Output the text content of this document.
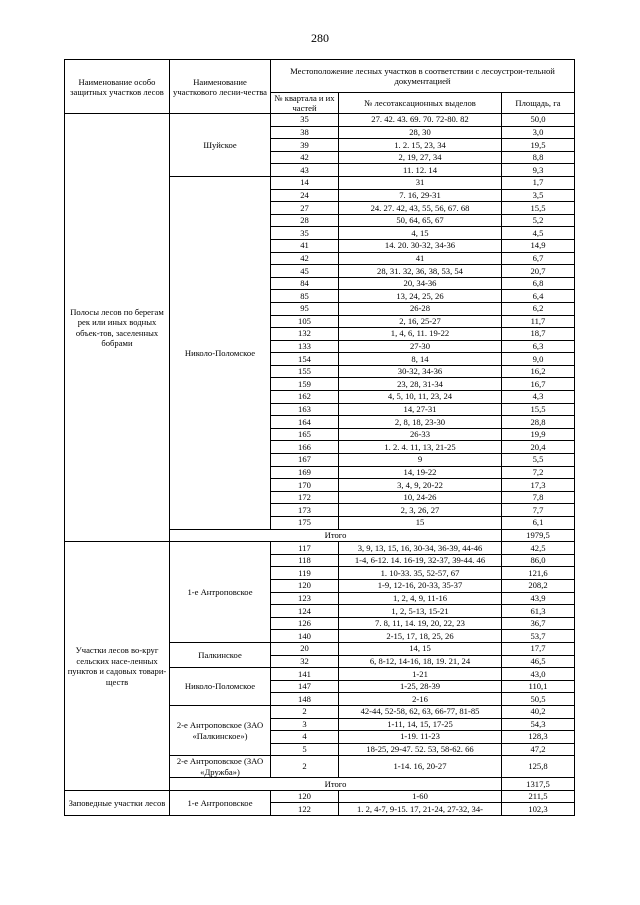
280
Наименование особо защитных участков лесов	Наименование участкового лесни-чества	Местоположение лесных участков в соответствии с лесоустрои-тельной документацией		
		№ квартала и их частей	№ лесотаксационных выделов	Площадь, га
Полосы лесов по берегам рек или иных водных объек-тов, заселенных бобрами	Шуйское	35	27. 42. 43. 69. 70. 72-80. 82	50,0
		38	28, 30	3,0
		39	1. 2. 15, 23, 34	19,5
		42	2, 19, 27, 34	8,8
		43	11. 12. 14	9,3
	Николо-Поломское	14	31	1,7
		24	7. 16, 29-31	3,5
		27	24. 27. 42, 43, 55, 56, 67. 68	15,5
		28	50, 64, 65, 67	5,2
		35	4, 15	4,5
		41	14. 20. 30-32, 34-36	14,9
		42	41	6,7
		45	28, 31. 32, 36, 38, 53, 54	20,7
		84	20, 34-36	6,8
		85	13, 24, 25, 26	6,4
		95	26-28	6,2
		105	2, 16, 25-27	11,7
		132	1, 4, 6, 11. 19-22	18,7
		133	27-30	6,3
		154	8, 14	9,0
		155	30-32, 34-36	16,2
		159	23, 28, 31-34	16,7
		162	4, 5, 10, 11, 23, 24	4,3
		163	14, 27-31	15,5
		164	2, 8, 18, 23-30	28,8
		165	26-33	19,9
		166	1. 2. 4. 11, 13, 21-25	20,4
		167	9	5,5
		169	14, 19-22	7,2
		170	3, 4, 9, 20-22	17,3
		172	10, 24-26	7,8
		173	2, 3, 26, 27	7,7
		175	15	6,1
	Итого			1979,5
Участки лесов во-круг сельских насе-ленных пунктов и садовых товари-ществ	1-е Антроповское	117	3, 9, 13, 15, 16, 30-34, 36-39, 44-46	42,5
		118	1-4, 6-12. 14. 16-19, 32-37, 39-44. 46	86,0
		119	1. 10-33. 35, 52-57, 67	121,6
		120	1-9, 12-16, 20-33, 35-37	208,2
		123	1, 2, 4, 9, 11-16	43,9
		124	1, 2, 5-13, 15-21	61,3
		126	7. 8, 11, 14. 19, 20, 22, 23	36,7
		140	2-15, 17, 18, 25, 26	53,7
	Палкинское	20	14, 15	17,7
		32	6, 8-12, 14-16, 18, 19. 21, 24	46,5
	Николо-Поломское	141	1-21	43,0
		147	1-25, 28-39	110,1
		148	2-16	50,5
	2-е Антроповское (ЗАО «Палкинское»)	2	42-44, 52-58, 62, 63, 66-77, 81-85	40,2
		3	1-11, 14, 15, 17-25	54,3
		4	1-19. 11-23	128,3
		5	18-25, 29-47. 52. 53, 58-62. 66	47,2
	2-е Антроповское (ЗАО «Дружба»)	2	1-14. 16, 20-27	125,8
	Итого			1317,5
Заповедные участки лесов	1-е Антроповское	120	1-60	211,5
		122	1. 2, 4-7, 9-15. 17, 21-24, 27-32, 34-	102,3
